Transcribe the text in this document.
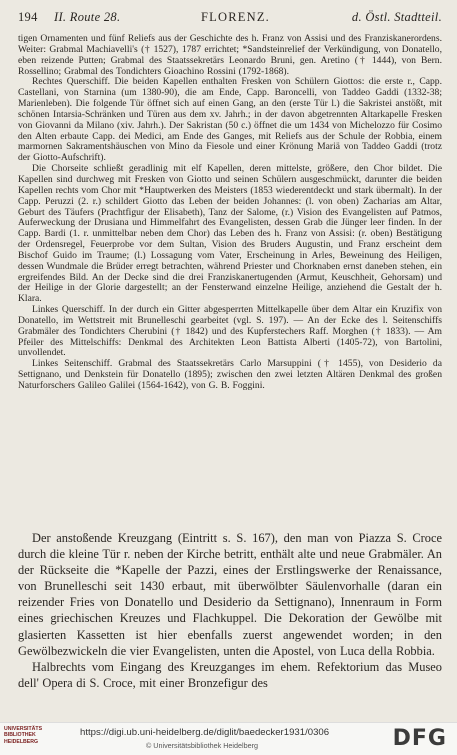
194 II. Route 28.	FLORENZ.	d. Östl. Stadtteil.

tigen Ornamenten und fünf Reliefs aus der Geschichte des h. Franz von Assisi und des Franziskanerordens. Weiter: Grabmal Machiavelli's († 1527), 1787 errichtet; *Sandsteinrelief der Verkündigung, von Donatello, eben reizende Putten; Grabmal des Staatssekretärs Leonardo Bruni, gen. Aretino († 1444), von Bern. Rossellino; Grabmal des Tondichters Gioachino Rossini (1792-1868).

Rechtes Querschiff. Die beiden Kapellen enthalten Fresken von Schülern Giottos: die erste r., Capp. Castellani, von Starnina (um 1380-90), die am Ende, Capp. Baroncelli, von Taddeo Gaddi (1332-38; Marienleben). Die folgende Tür öffnet sich auf einen Gang, an den (erste Tür l.) die Sakristei anstößt, mit schönen Intarsia-Schränken und Türen aus dem xv. Jahrh.; in der davon abgetrennten Altarkapelle Fresken von Giovanni da Milano (xiv. Jahrh.). Der Sakristan (50 c.) öffnet die um 1434 von Michelozzo für Cosimo den Alten erbaute Capp. dei Medici, am Ende des Ganges, mit Reliefs aus der Schule der Robbia, einem marmornen Sakramentshäuschen von Mino da Fiesole und einer Krönung Mariä von Taddeo Gaddi (trotz der Giotto-Aufschrift).

Die Chorseite schließt geradlinig mit elf Kapellen, deren mittelste, größere, den Chor bildet. Die Kapellen sind durchweg mit Fresken von Giotto und seinen Schülern ausgeschmückt, darunter die beiden Kapellen rechts vom Chor mit *Hauptwerken des Meisters (1853 wiederentdeckt und stark übermalt). In der Capp. Peruzzi (2. r.) schildert Giotto das Leben der beiden Johannes: (l. von oben) Zacharias am Altar, Geburt des Täufers (Prachtfigur der Elisabeth), Tanz der Salome, (r.) Vision des Evangelisten auf Patmos, Auferweckung der Drusiana und Himmelfahrt des Evangelisten, dessen Grab die Jünger leer finden. In der Capp. Bardi (1. r. unmittelbar neben dem Chor) das Leben des h. Franz von Assisi: (r. oben) Bestätigung der Ordensregel, Feuerprobe vor dem Sultan, Vision des Bruders Augustin, und Franz erscheint dem Bischof Guido im Traume; (l.) Lossagung vom Vater, Erscheinung in Arles, Beweinung des Heiligen, dessen Wundmale die Brüder erregt betrachten, während Priester und Chorknaben ernst daneben stehen, ein ergreifendes Bild. An der Decke sind die drei Franziskanertugenden (Armut, Keuschheit, Gehorsam) und der Heilige in der Glorie dargestellt; an der Fensterwand einzelne Heilige, anziehend die Gestalt der h. Klara.

Linkes Querschiff. In der durch ein Gitter abgesperrten Mittelkapelle über dem Altar ein Kruzifix von Donatello, im Wettstreit mit Brunelleschi gearbeitet (vgl. S. 197). — An der Ecke des l. Seitenschiffs Grabmäler des Tondichters Cherubini († 1842) und des Kupferstechers Raff. Morghen († 1833). — Am Pfeiler des Mittelschiffs: Denkmal des Architekten Leon Battista Alberti (1405-72), von Bartolini, unvollendet.

Linkes Seitenschiff. Grabmal des Staatssekretärs Carlo Marsuppini († 1455), von Desiderio da Settignano, und Denkstein für Donatello (1895); zwischen den zwei letzten Altären Denkmal des großen Naturforschers Galileo Galilei (1564-1642), von G. B. Foggini.

Der anstoßende Kreuzgang (Eintritt s. S. 167), den man von Piazza S. Croce durch die kleine Tür r. neben der Kirche betritt, enthält alte und neue Grabmäler. An der Rückseite die *Kapelle der Pazzi, eines der Erstlingswerke der Renaissance, von Brunelleschi seit 1430 erbaut, mit überwölbter Säulenvorhalle (daran ein reizender Fries von Donatello und Desiderio da Settignano), Innenraum in Form eines griechischen Kreuzes und Flachkuppel. Die Dekoration der Gewölbe mit glasierten Kassetten ist hier ebenfalls zuerst angewendet worden; in den Gewölbezwickeln die vier Evangelisten, unten die Apostel, von Luca della Robbia.

Halbrechts vom Eingang des Kreuzganges im ehem. Refektorium das Museo dell' Opera di S. Croce, mit einer Bronzefigur des

UNIVERSITÄTS BIBLIOTHEK HEIDELBERG
https://digi.ub.uni-heidelberg.de/diglit/baedecker1931/0306
© Universitätsbibliothek Heidelberg	DFG
